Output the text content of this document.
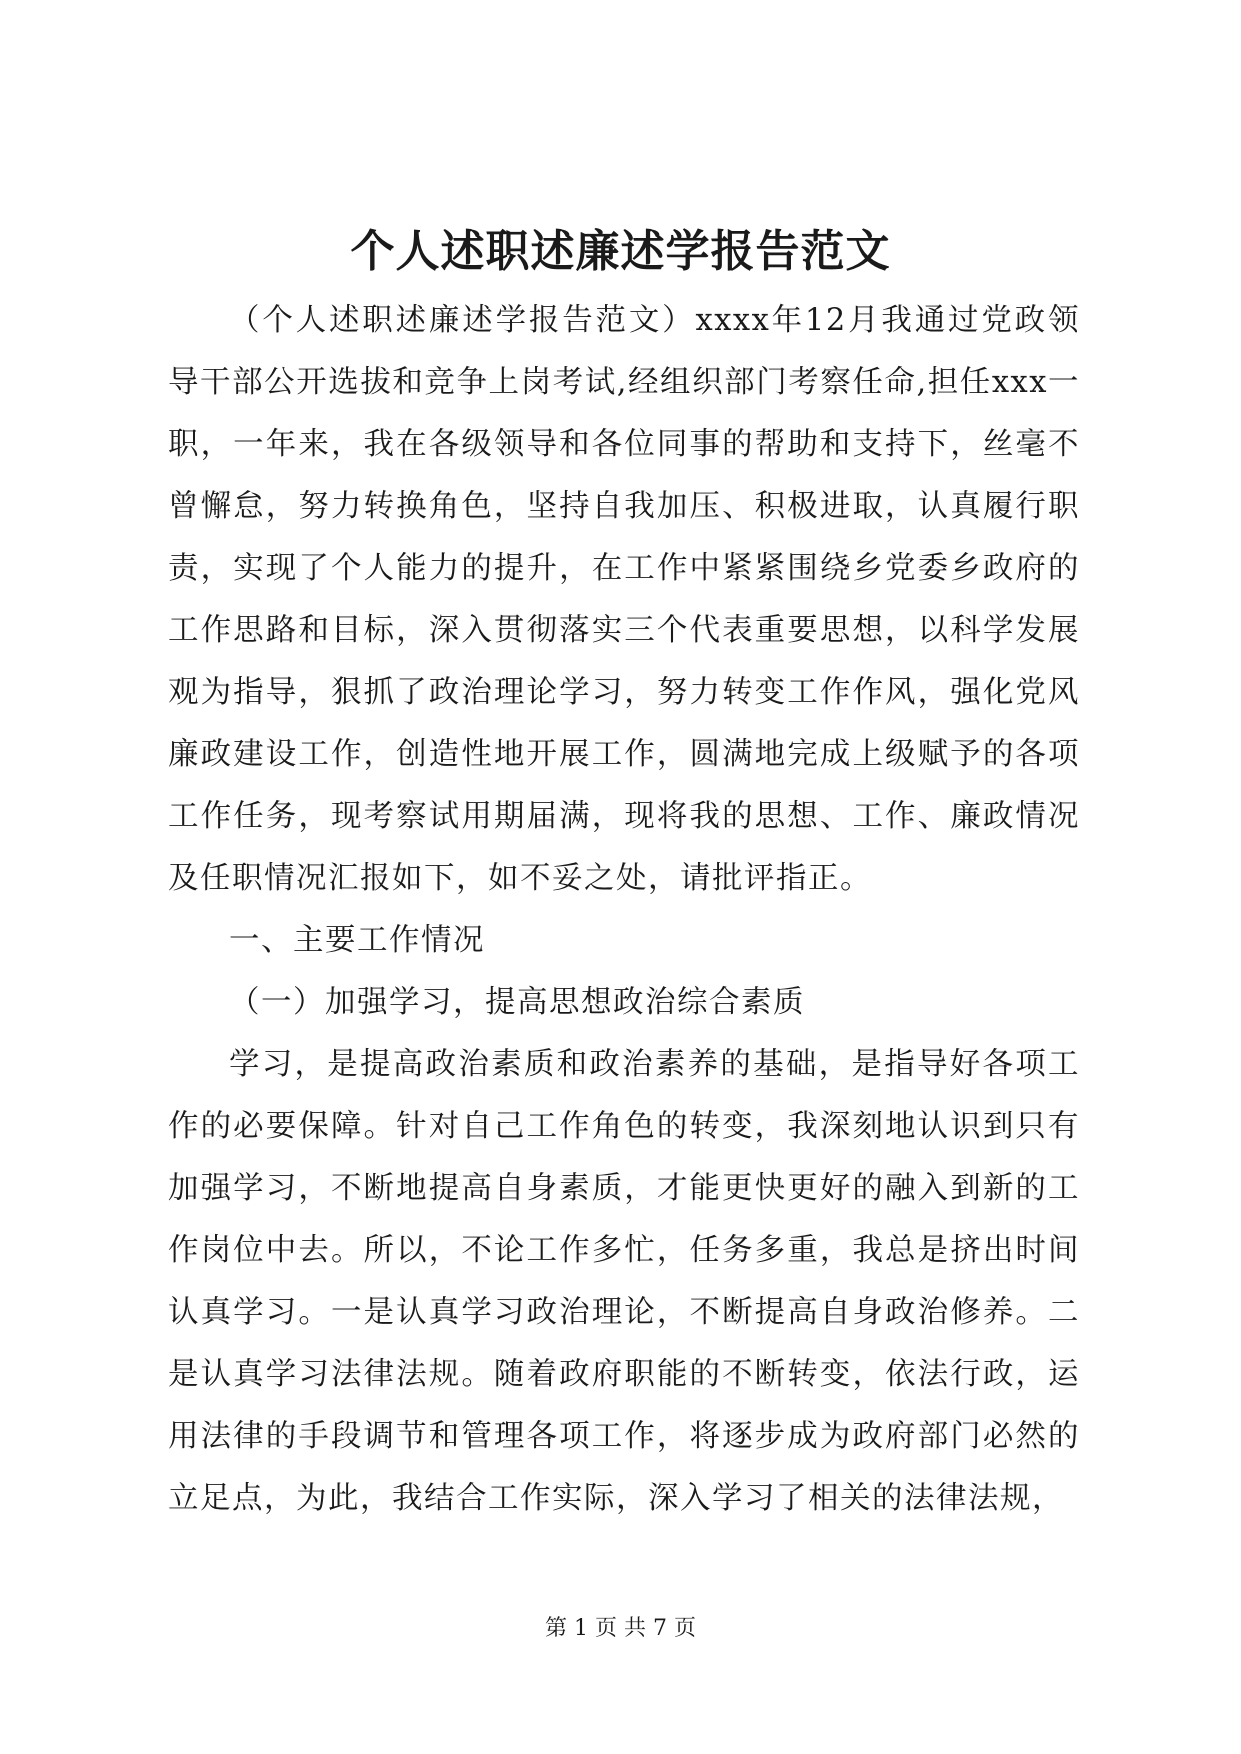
个人述职述廉述学报告范文

（个人述职述廉述学报告范文）xxxx年12月我通过党政领导干部公开选拔和竞争上岗考试,经组织部门考察任命,担任xxx一职，一年来，我在各级领导和各位同事的帮助和支持下，丝毫不曾懈怠，努力转换角色，坚持自我加压、积极进取，认真履行职责，实现了个人能力的提升，在工作中紧紧围绕乡党委乡政府的工作思路和目标，深入贯彻落实三个代表重要思想，以科学发展观为指导，狠抓了政治理论学习，努力转变工作作风，强化党风廉政建设工作，创造性地开展工作，圆满地完成上级赋予的各项工作任务，现考察试用期届满，现将我的思想、工作、廉政情况及任职情况汇报如下，如不妥之处，请批评指正。

一、主要工作情况

（一）加强学习，提高思想政治综合素质

学习，是提高政治素质和政治素养的基础，是指导好各项工作的必要保障。针对自己工作角色的转变，我深刻地认识到只有加强学习，不断地提高自身素质，才能更快更好的融入到新的工作岗位中去。所以，不论工作多忙，任务多重，我总是挤出时间认真学习。一是认真学习政治理论，不断提高自身政治修养。二是认真学习法律法规。随着政府职能的不断转变，依法行政，运用法律的手段调节和管理各项工作，将逐步成为政府部门必然的立足点，为此，我结合工作实际，深入学习了相关的法律法规，

第 1 页 共 7 页
